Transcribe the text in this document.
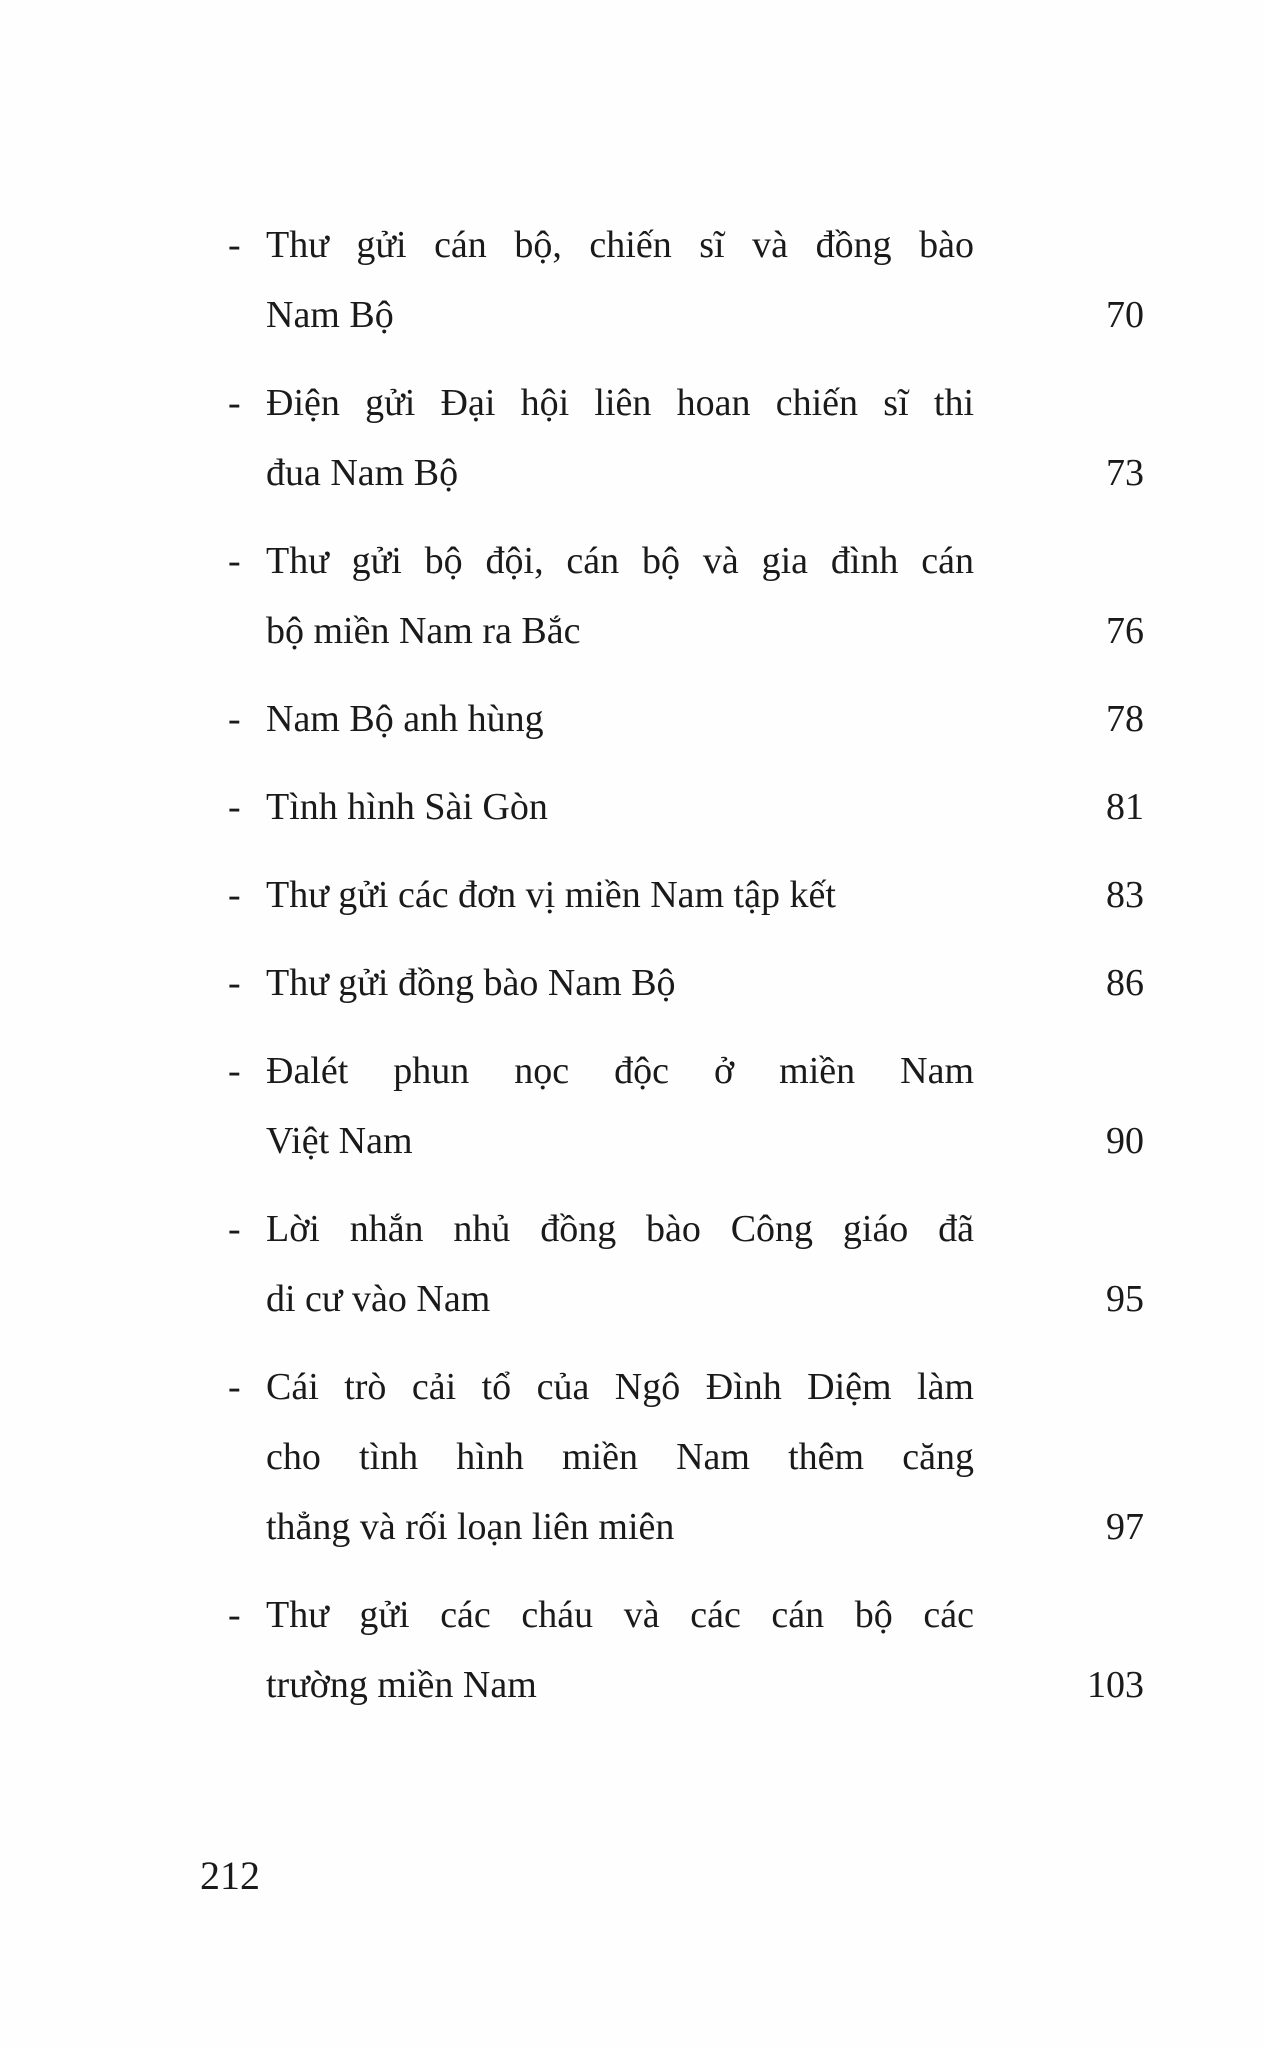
- Thư gửi cán bộ, chiến sĩ và đồng bào
Nam Bộ	70
- Điện gửi Đại hội liên hoan chiến sĩ thi
đua Nam Bộ	73
- Thư gửi bộ đội, cán bộ và gia đình cán
bộ miền Nam ra Bắc	76
- Nam Bộ anh hùng	78
- Tình hình Sài Gòn	81
- Thư gửi các đơn vị miền Nam tập kết	83
- Thư gửi đồng bào Nam Bộ	86
- Đalét phun nọc độc ở miền Nam
Việt Nam	90
- Lời nhắn nhủ đồng bào Công giáo đã
di cư vào Nam	95
- Cái trò cải tổ của Ngô Đình Diệm làm
cho tình hình miền Nam thêm căng
thẳng và rối loạn liên miên	97
- Thư gửi các cháu và các cán bộ các
trường miền Nam	103
212
